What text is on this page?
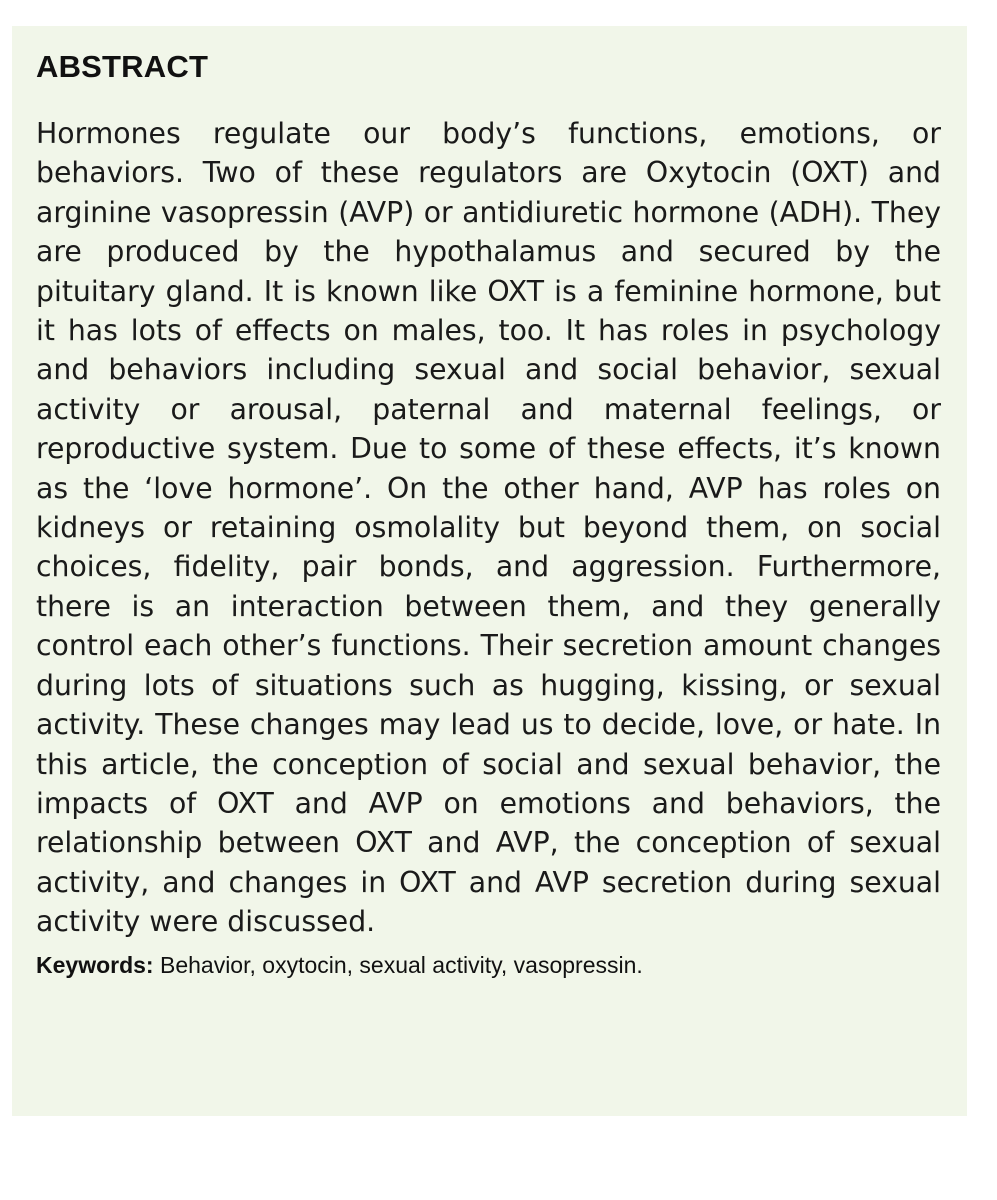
ABSTRACT

Hormones regulate our body’s functions, emotions, or behaviors. Two of these regulators are Oxytocin (OXT) and arginine vasopressin (AVP) or antidiuretic hormone (ADH). They are produced by the hypothalamus and secured by the pituitary gland. It is known like OXT is a feminine hormone, but it has lots of effects on males, too. It has roles in psychology and behaviors including sexual and social behavior, sexual activity or arousal, paternal and maternal feelings, or reproductive system. Due to some of these effects, it’s known as the ‘love hormone’. On the other hand, AVP has roles on kidneys or retaining osmolality but beyond them, on social choices, fidelity, pair bonds, and aggression. Furthermore, there is an interaction between them, and they generally control each other’s functions. Their secretion amount changes during lots of situations such as hugging, kissing, or sexual activity. These changes may lead us to decide, love, or hate. In this article, the conception of social and sexual behavior, the impacts of OXT and AVP on emotions and behaviors, the relationship between OXT and AVP, the conception of sexual activity, and changes in OXT and AVP secretion during sexual activity were discussed.

Keywords: Behavior, oxytocin, sexual activity, vasopressin.
